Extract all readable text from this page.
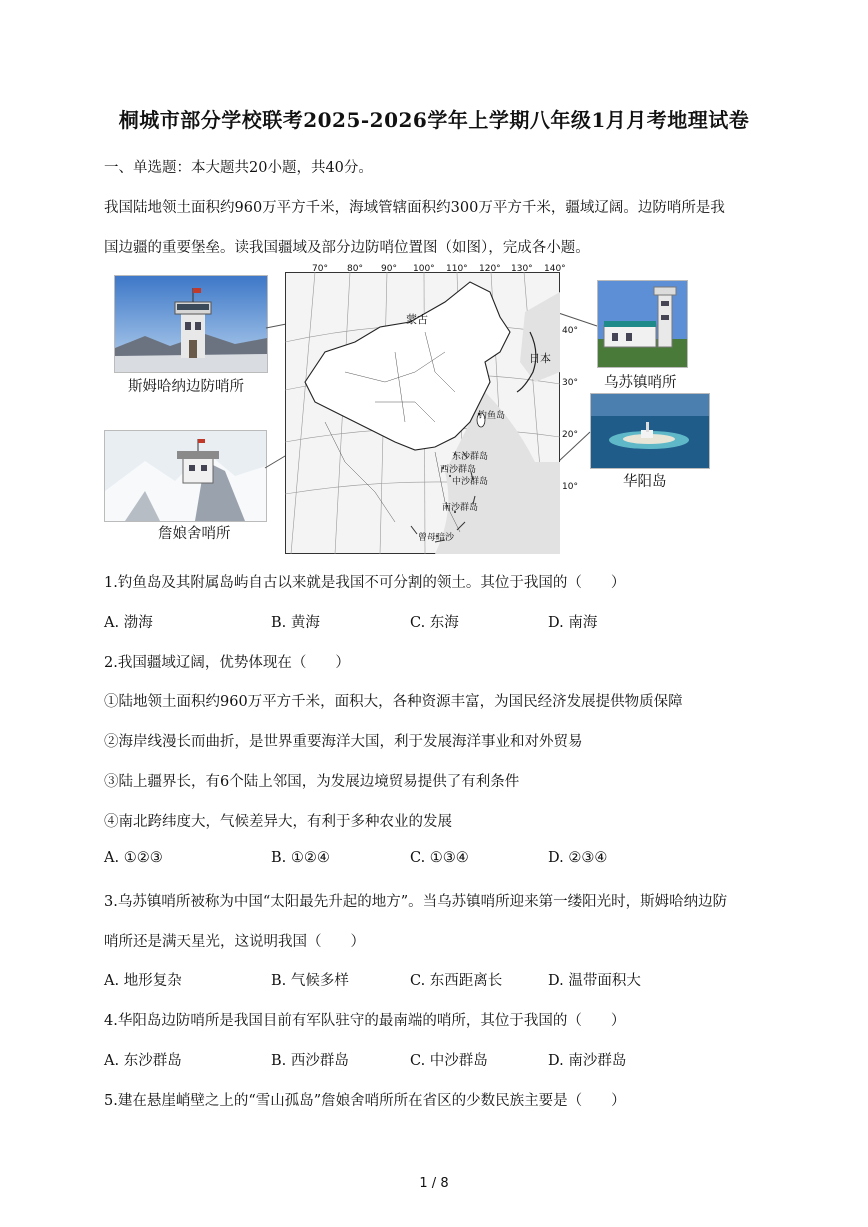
桐城市部分学校联考2025-2026学年上学期八年级1月月考地理试卷
一、单选题：本大题共20小题，共40分。
我国陆地领土面积约960万平方千米，海域管辖面积约300万平方千米，疆域辽阔。边防哨所是我
国边疆的重要堡垒。读我国疆域及部分边防哨位置图（如图），完成各小题。
斯姆哈纳边防哨所
詹娘舍哨所
乌苏镇哨所
华阳岛
70° 80° 90° 100° 110° 120° 130° 140°
40°
30°
20°
10°
蒙古
日本
钓鱼岛
东沙群岛
西沙群岛
中沙群岛
南沙群岛
曾母暗沙
1.钓鱼岛及其附属岛屿自古以来就是我国不可分割的领土。其位于我国的（　　）
A. 渤海	B. 黄海	C. 东海	D. 南海
2.我国疆域辽阔，优势体现在（　　）
①陆地领土面积约960万平方千米，面积大，各种资源丰富，为国民经济发展提供物质保障
②海岸线漫长而曲折，是世界重要海洋大国，利于发展海洋事业和对外贸易
③陆上疆界长，有6个陆上邻国，为发展边境贸易提供了有利条件
④南北跨纬度大，气候差异大，有利于多种农业的发展
A. ①②③	B. ①②④	C. ①③④	D. ②③④
3.乌苏镇哨所被称为中国“太阳最先升起的地方”。当乌苏镇哨所迎来第一缕阳光时，斯姆哈纳边防
哨所还是满天星光，这说明我国（　　）
A. 地形复杂	B. 气候多样	C. 东西距离长	D. 温带面积大
4.华阳岛边防哨所是我国目前有军队驻守的最南端的哨所，其位于我国的（　　）
A. 东沙群岛	B. 西沙群岛	C. 中沙群岛	D. 南沙群岛
5.建在悬崖峭壁之上的“雪山孤岛”詹娘舍哨所所在省区的少数民族主要是（　　）
1 / 8
